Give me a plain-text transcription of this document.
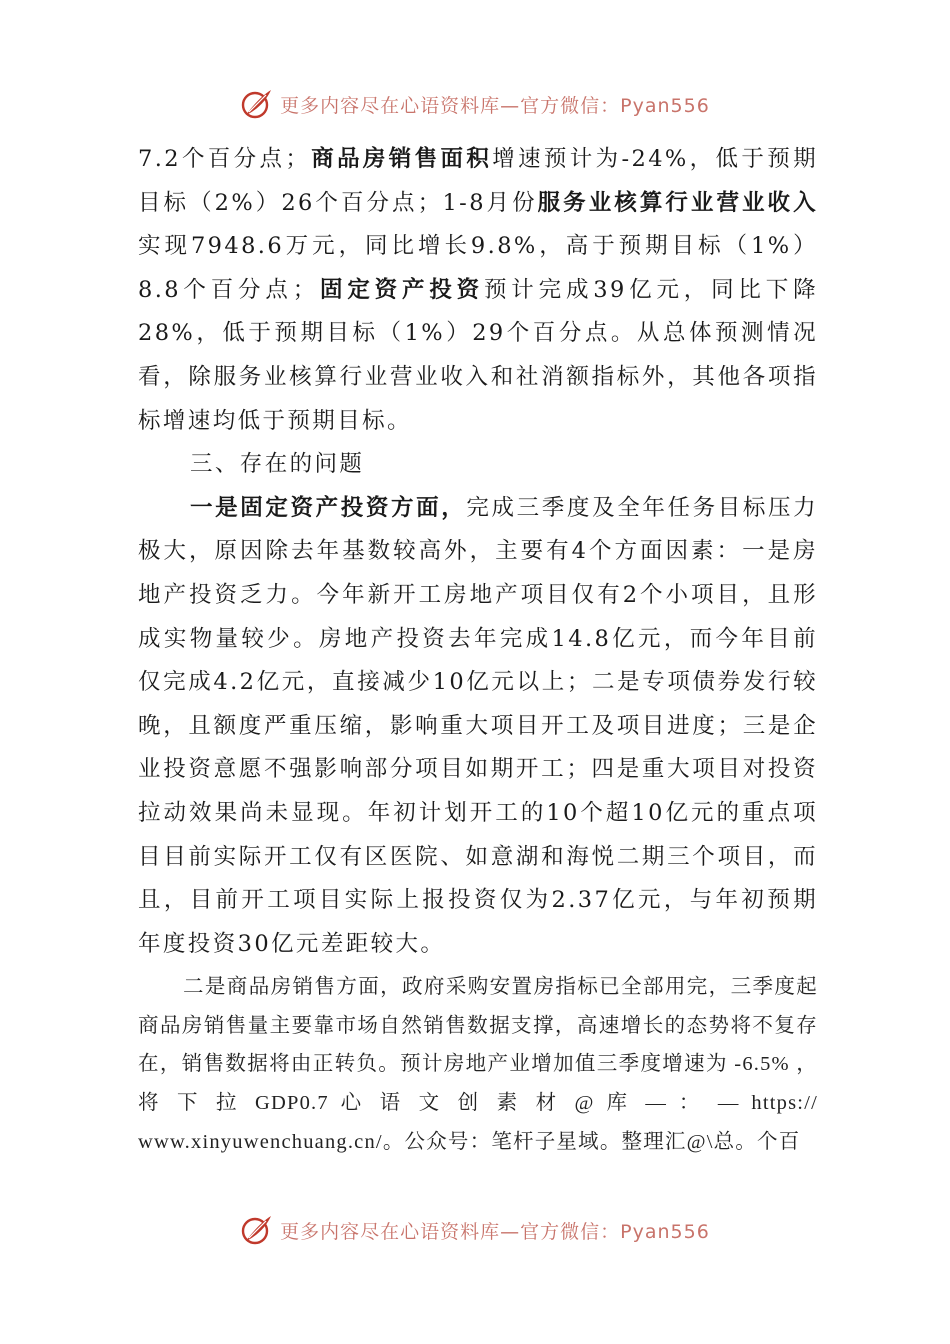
更多内容尽在心语资料库—官方微信：Pyan556

7.2个百分点；商品房销售面积增速预计为-24%，低于预期目标（2%）26个百分点；1-8月份服务业核算行业营业收入实现7948.6万元，同比增长9.8%，高于预期目标（1%）8.8个百分点；固定资产投资预计完成39亿元，同比下降28%，低于预期目标（1%）29个百分点。从总体预测情况看，除服务业核算行业营业收入和社消额指标外，其他各项指标增速均低于预期目标。

三、存在的问题

一是固定资产投资方面，完成三季度及全年任务目标压力极大，原因除去年基数较高外，主要有4个方面因素：一是房地产投资乏力。今年新开工房地产项目仅有2个小项目，且形成实物量较少。房地产投资去年完成14.8亿元，而今年目前仅完成4.2亿元，直接减少10亿元以上；二是专项债券发行较晚，且额度严重压缩，影响重大项目开工及项目进度；三是企业投资意愿不强影响部分项目如期开工；四是重大项目对投资拉动效果尚未显现。年初计划开工的10个超10亿元的重点项目目前实际开工仅有区医院、如意湖和海悦二期三个项目，而且，目前开工项目实际上报投资仅为2.37亿元，与年初预期年度投资30亿元差距较大。

二是商品房销售方面，政府采购安置房指标已全部用完，三季度起商品房销售量主要靠市场自然销售数据支撑，高速增长的态势将不复存在，销售数据将由正转负。预计房地产业增加值三季度增速为 -6.5% ， 将 下 拉 GDP0.7 心 语 文 创 素 材 @ 库 — ： — https:// www.xinyuwenchuang.cn/。公众号：笔杆子星域。整理汇@\总。个百

更多内容尽在心语资料库—官方微信：Pyan556
